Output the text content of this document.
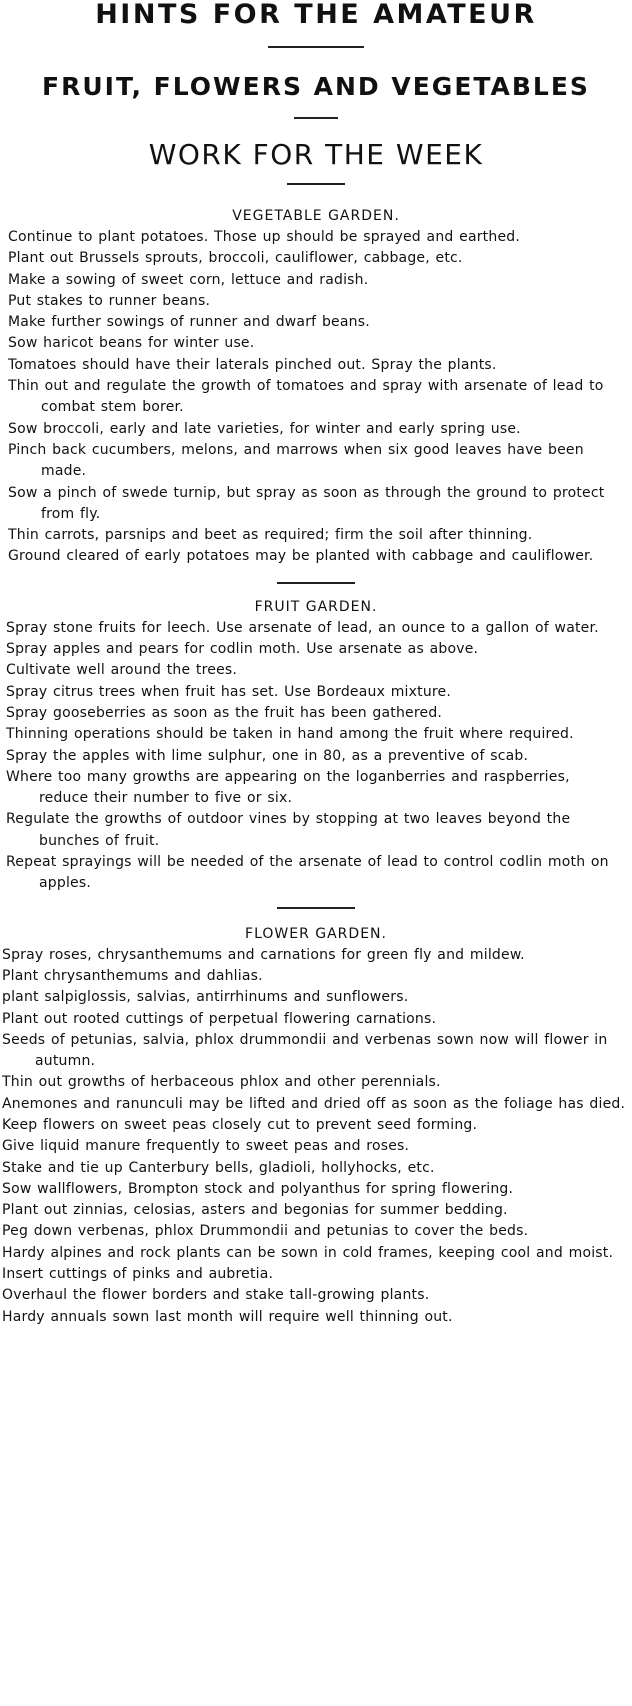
HINTS FOR THE AMATEUR
FRUIT, FLOWERS AND VEGETABLES
WORK FOR THE WEEK
VEGETABLE GARDEN.
Continue to plant potatoes. Those up should be sprayed and earthed.
Plant out Brussels sprouts, broccoli, cauliflower, cabbage, etc.
Make a sowing of sweet corn, lettuce and radish.
Put stakes to runner beans.
Make further sowings of runner and dwarf beans.
Sow haricot beans for winter use.
Tomatoes should have their laterals pinched out. Spray the plants.
Thin out and regulate the growth of tomatoes and spray with arsenate of lead to combat stem borer.
Sow broccoli, early and late varieties, for winter and early spring use.
Pinch back cucumbers, melons, and marrows when six good leaves have been made.
Sow a pinch of swede turnip, but spray as soon as through the ground to protect from fly.
Thin carrots, parsnips and beet as required; firm the soil after thinning.
Ground cleared of early potatoes may be planted with cabbage and cauliflower.
FRUIT GARDEN.
Spray stone fruits for leech. Use arsenate of lead, an ounce to a gallon of water.
Spray apples and pears for codlin moth. Use arsenate as above.
Cultivate well around the trees.
Spray citrus trees when fruit has set. Use Bordeaux mixture.
Spray gooseberries as soon as the fruit has been gathered.
Thinning operations should be taken in hand among the fruit where required.
Spray the apples with lime sulphur, one in 80, as a preventive of scab.
Where too many growths are appearing on the loganberries and raspberries, reduce their number to five or six.
Regulate the growths of outdoor vines by stopping at two leaves beyond the bunches of fruit.
Repeat sprayings will be needed of the arsenate of lead to control codlin moth on apples.
FLOWER GARDEN.
Spray roses, chrysanthemums and carnations for green fly and mildew.
Plant chrysanthemums and dahlias.
plant salpiglossis, salvias, antirrhinums and sunflowers.
Plant out rooted cuttings of perpetual flowering carnations.
Seeds of petunias, salvia, phlox drummondii and verbenas sown now will flower in autumn.
Thin out growths of herbaceous phlox and other perennials.
Anemones and ranunculi may be lifted and dried off as soon as the foliage has died.
Keep flowers on sweet peas closely cut to prevent seed forming.
Give liquid manure frequently to sweet peas and roses.
Stake and tie up Canterbury bells, gladioli, hollyhocks, etc.
Sow wallflowers, Brompton stock and polyanthus for spring flowering.
Plant out zinnias, celosias, asters and begonias for summer bedding.
Peg down verbenas, phlox Drummondii and petunias to cover the beds.
Hardy alpines and rock plants can be sown in cold frames, keeping cool and moist.
Insert cuttings of pinks and aubretia.
Overhaul the flower borders and stake tall-growing plants.
Hardy annuals sown last month will require well thinning out.
